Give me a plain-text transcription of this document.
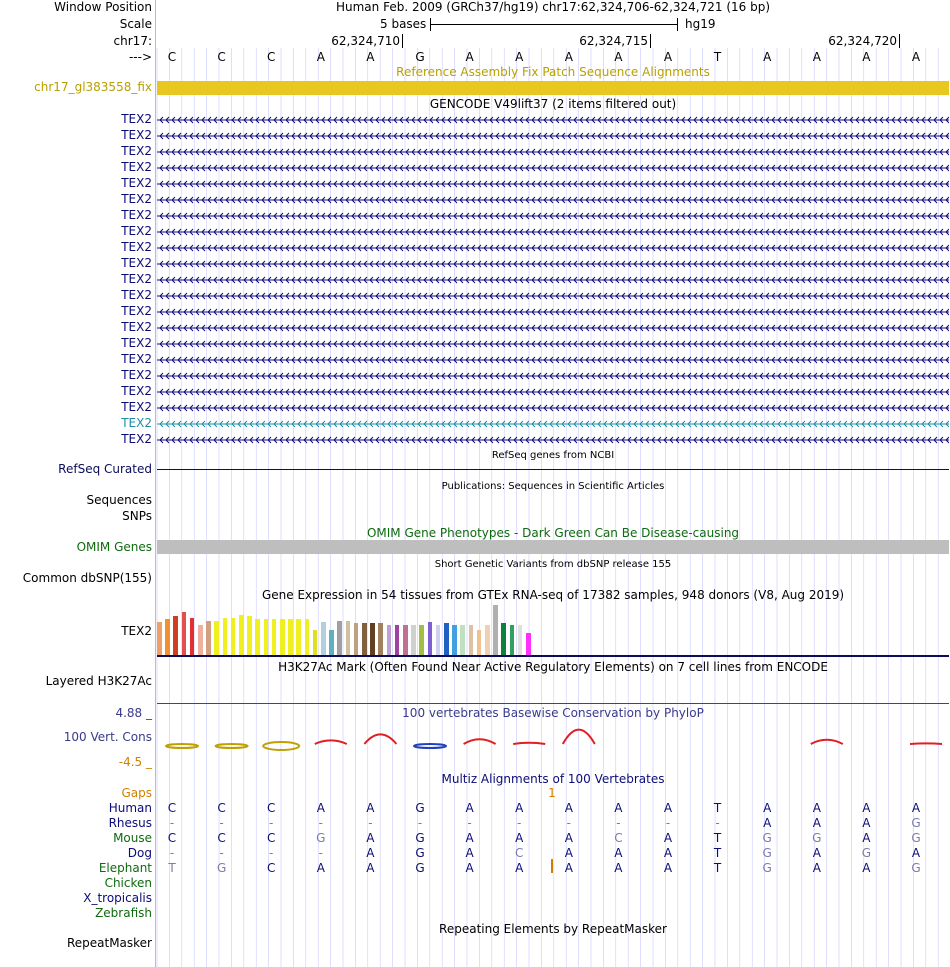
Window Position	Human Feb. 2009 (GRCh37/hg19) chr17:62,324,706-62,324,721 (16 bp)
Scale	5 bases	hg19
chr17:	62,324,710	62,324,715	62,324,720
--->	C	C	C	A	A	G	A	A	A	A	A	T	A	A	A	A
Reference Assembly Fix Patch Sequence Alignments
chr17_gl383558_fix
GENCODE V49lift37 (2 items filtered out)
TEX2
TEX2
TEX2
TEX2
TEX2
TEX2
TEX2
TEX2
TEX2
TEX2
TEX2
TEX2
TEX2
TEX2
TEX2
TEX2
TEX2
TEX2
TEX2
TEX2
TEX2
RefSeq genes from NCBI
RefSeq Curated
Publications: Sequences in Scientific Articles
Sequences
SNPs
OMIM Gene Phenotypes - Dark Green Can Be Disease-causing
OMIM Genes
Short Genetic Variants from dbSNP release 155
Common dbSNP(155)
Gene Expression in 54 tissues from GTEx RNA-seq of 17382 samples, 948 donors (V8, Aug 2019)
TEX2
H3K27Ac Mark (Often Found Near Active Regulatory Elements) on 7 cell lines from ENCODE
Layered H3K27Ac
100 vertebrates Basewise Conservation by PhyloP
4.88 _
100 Vert. Cons
-4.5 _
Multiz Alignments of 100 Vertebrates
Gaps	1
Human	C	C	C	A	A	G	A	A	A	A	A	T	A	A	A	A
Rhesus	-	-	-	-	-	-	-	-	-	-	-	-	A	A	A	G
Mouse	C	C	C	G	A	G	A	A	A	C	A	T	G	G	A	G
Dog	-	-	-	-	A	G	A	C	A	A	A	T	G	A	G	A
Elephant	T	G	C	A	A	G	A	A	A	A	A	T	G	A	A	G
Chicken
X_tropicalis
Zebrafish
Repeating Elements by RepeatMasker
RepeatMasker
